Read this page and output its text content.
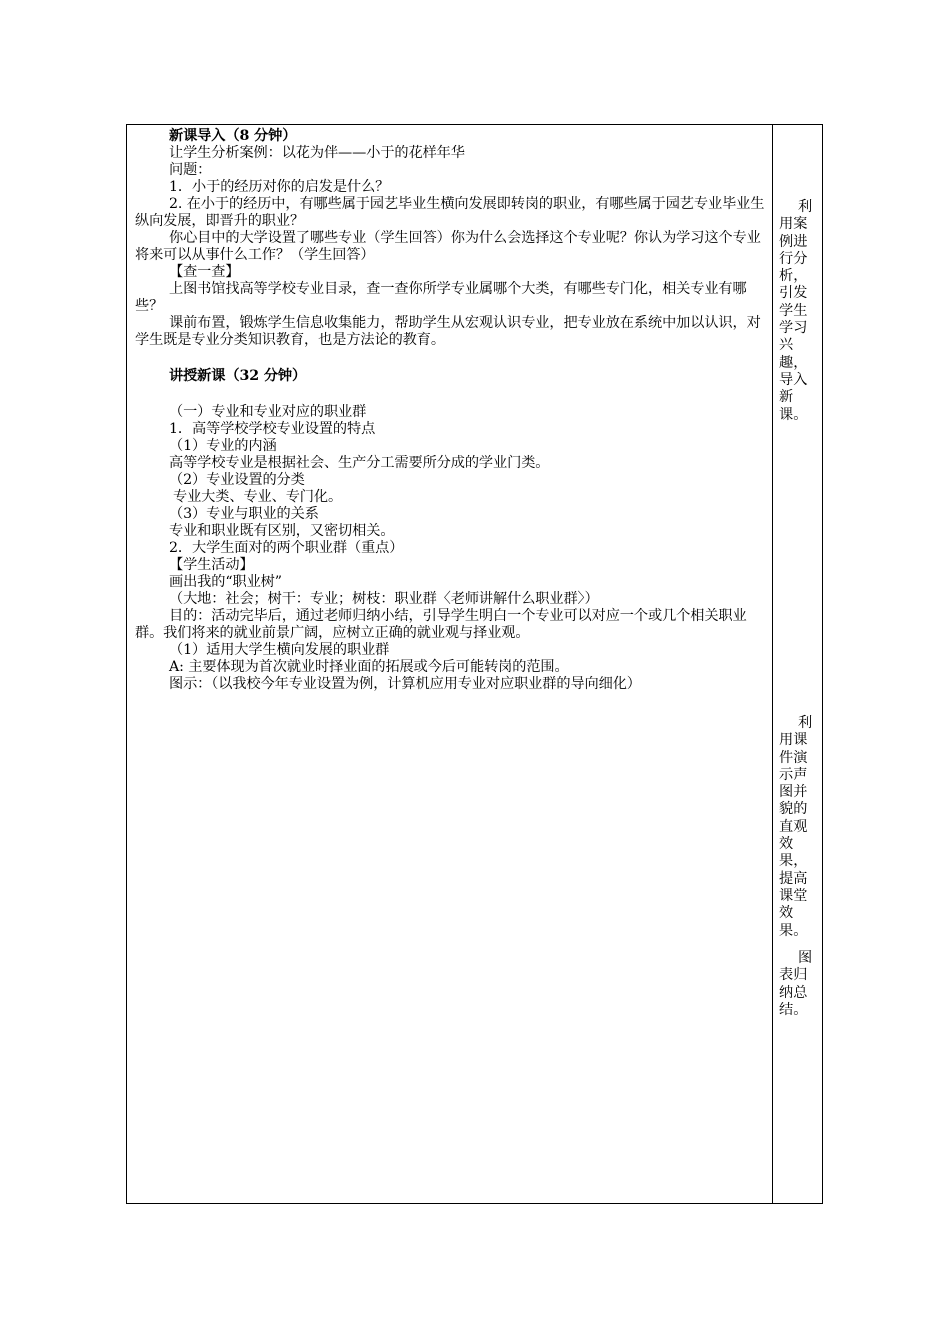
新课导入（8 分钟）

让学生分析案例：以花为伴——小于的花样年华

问题：

1．小于的经历对你的启发是什么？

2. 在小于的经历中，有哪些属于园艺毕业生横向发展即转岗的职业，有哪些属于园艺专业毕业生纵向发展，即晋升的职业？

你心目中的大学设置了哪些专业（学生回答）你为什么会选择这个专业呢？你认为学习这个专业将来可以从事什么工作？（学生回答）

【查一查】

上图书馆找高等学校专业目录，查一查你所学专业属哪个大类，有哪些专门化，相关专业有哪些？

课前布置，锻炼学生信息收集能力，帮助学生从宏观认识专业，把专业放在系统中加以认识，对学生既是专业分类知识教育，也是方法论的教育。

讲授新课（32 分钟）

（一）专业和专业对应的职业群

1．高等学校学校专业设置的特点

（1）专业的内涵

高等学校专业是根据社会、生产分工需要所分成的学业门类。

（2）专业设置的分类

专业大类、专业、专门化。

（3）专业与职业的关系

专业和职业既有区别，又密切相关。

2．大学生面对的两个职业群（重点）

【学生活动】

画出我的“职业树”

（大地：社会；树干：专业；树枝：职业群〈老师讲解什么职业群〉）

目的：活动完毕后，通过老师归纳小结，引导学生明白一个专业可以对应一个或几个相关职业群。我们将来的就业前景广阔，应树立正确的就业观与择业观。

（1）适用大学生横向发展的职业群

A: 主要体现为首次就业时择业面的拓展或今后可能转岗的范围。

图示：（以我校今年专业设置为例，计算机应用专业对应职业群的导向细化）

利用案例进行分析，引发学生学习兴趣，导入新课。

利用课件演示声图并貌的直观效果，提高课堂效果。

图表归纳总结。
